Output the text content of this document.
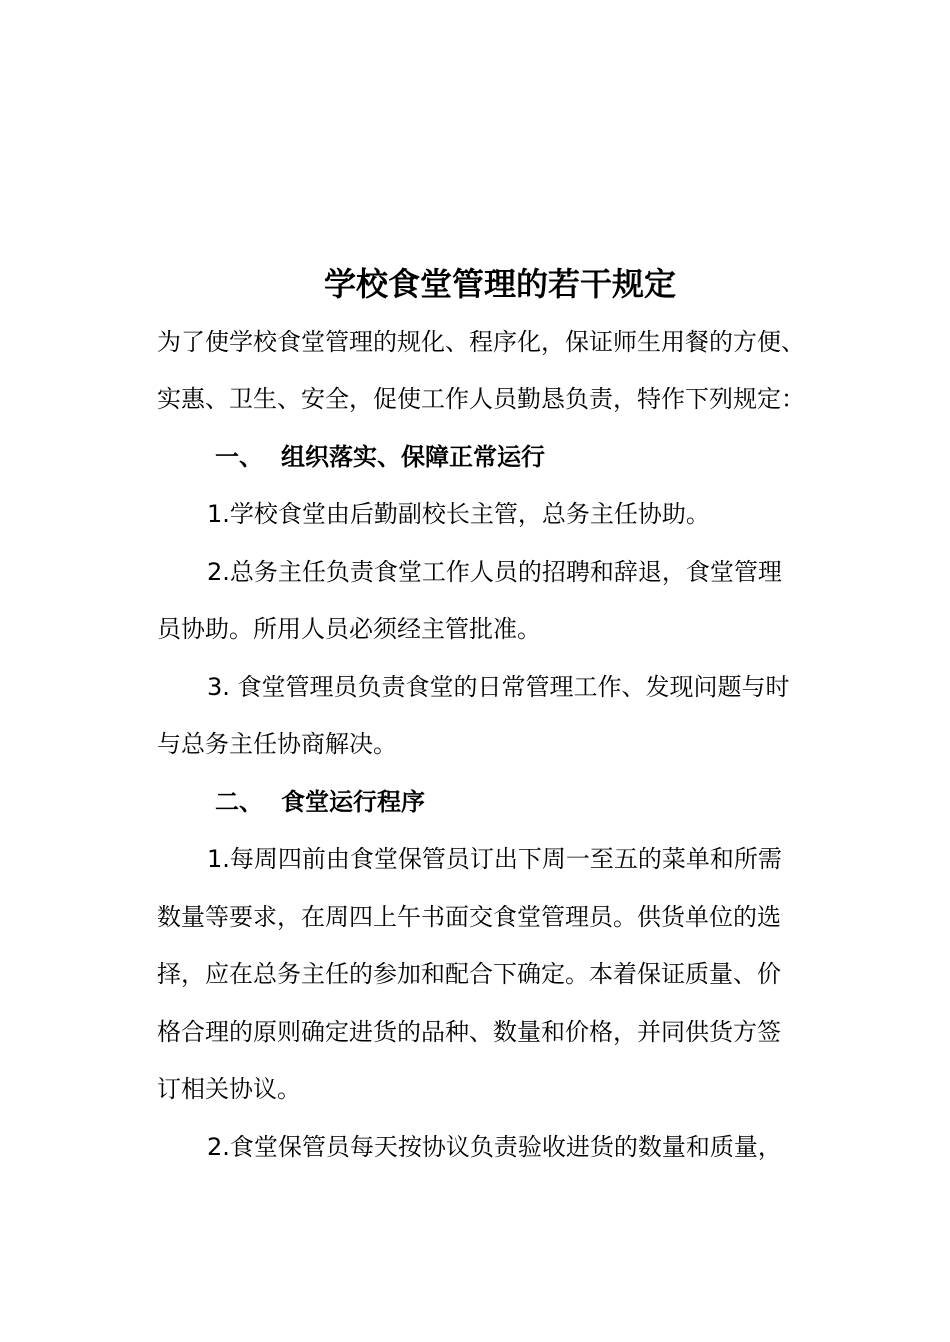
学校食堂管理的若干规定
为了使学校食堂管理的规化、程序化，保证师生用餐的方便、
实惠、卫生、安全，促使工作人员勤恳负责，特作下列规定：
一、 组织落实、保障正常运行
1.学校食堂由后勤副校长主管，总务主任协助。
2.总务主任负责食堂工作人员的招聘和辞退，食堂管理
员协助。所用人员必须经主管批准。
3. 食堂管理员负责食堂的日常管理工作、发现问题与时
与总务主任协商解决。
二、 食堂运行程序
1.每周四前由食堂保管员订出下周一至五的菜单和所需
数量等要求，在周四上午书面交食堂管理员。供货单位的选
择，应在总务主任的参加和配合下确定。本着保证质量、价
格合理的原则确定进货的品种、数量和价格，并同供货方签
订相关协议。
2.食堂保管员每天按协议负责验收进货的数量和质量，
